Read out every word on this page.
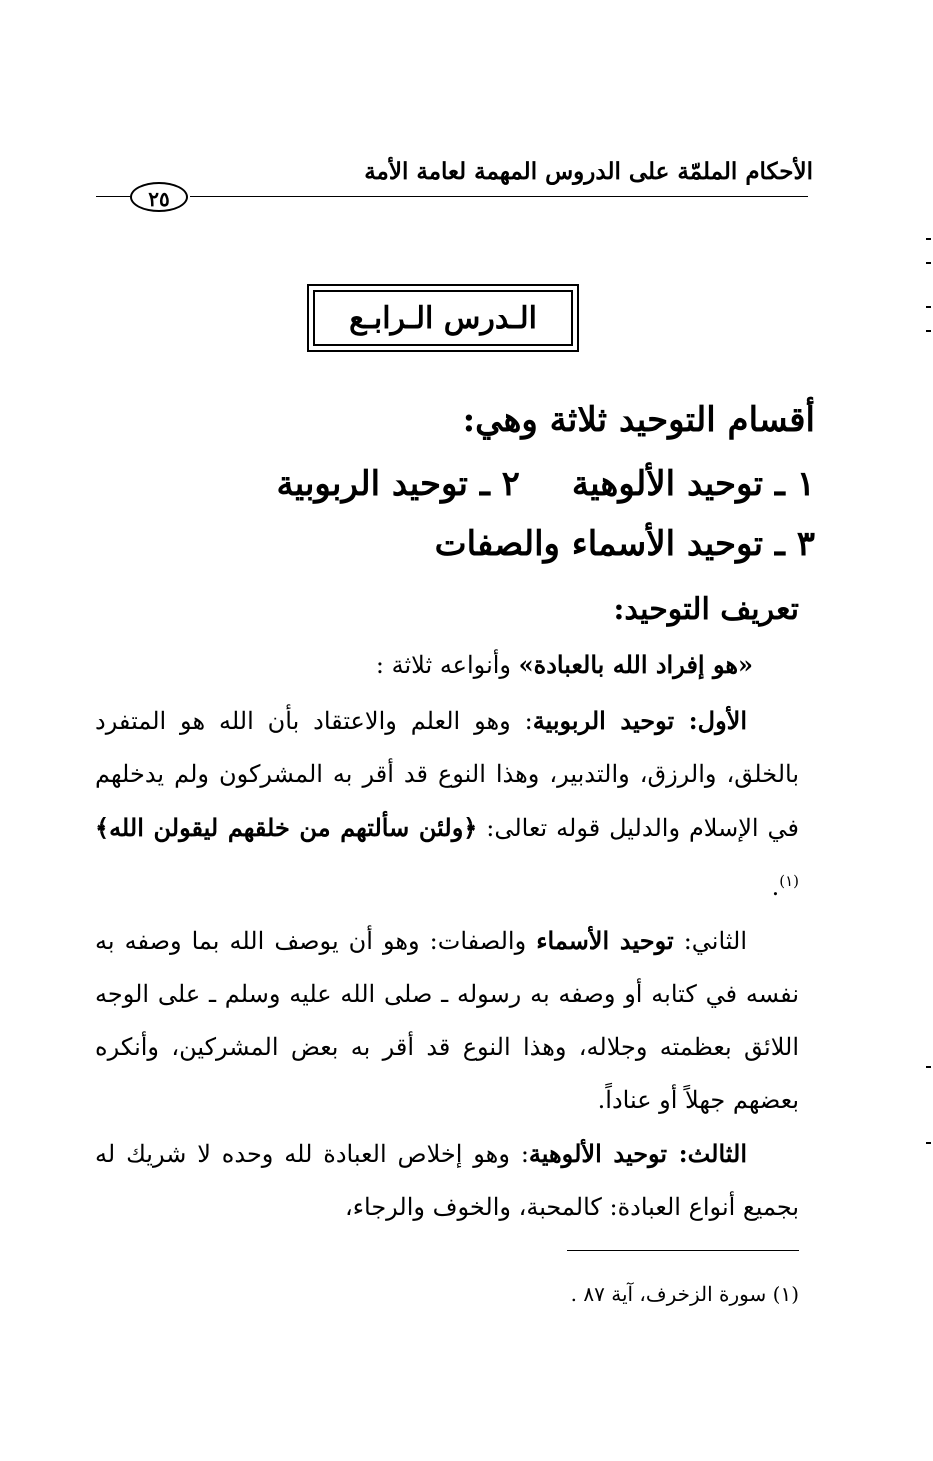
الأحكام الملمّة على الدروس المهمة لعامة الأمة
٢٥
الـدرس الـرابـع
أقسام التوحيد ثلاثة وهي:
١ ـ توحيد الألوهية٢ ـ توحيد الربوبية
٣ ـ توحيد الأسماء والصفات
تعريف التوحيد:
«هو إفراد الله بالعبادة» وأنواعه ثلاثة :

الأول: توحيد الربوبية: وهو العلم والاعتقاد بأن الله هو المتفرد بالخلق، والرزق، والتدبير، وهذا النوع قد أقر به المشركون ولم يدخلهم في الإسلام والدليل قوله تعالى: ﴿ولئن سألتهم من خلقهم ليقولن الله﴾$^{(١)}$.

الثاني: توحيد الأسماء والصفات: وهو أن يوصف الله بما وصفه به نفسه في كتابه أو وصفه به رسوله ـ صلى الله عليه وسلم ـ على الوجه اللائق بعظمته وجلاله، وهذا النوع قد أقر به بعض المشركين، وأنكره بعضهم جهلاً أو عناداً.

الثالث: توحيد الألوهية: وهو إخلاص العبادة لله وحده لا شريك له بجميع أنواع العبادة: كالمحبة، والخوف والرجاء،

(١) سورة الزخرف، آية ٨٧ .
